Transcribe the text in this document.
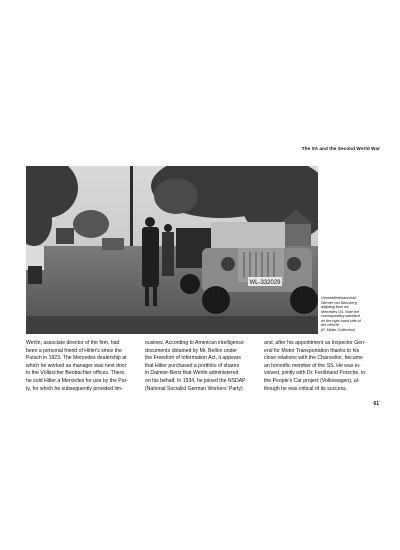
The SA and the Second World War
WL-332029
Generalfeldmarschall
Werner von Blomberg
alighting from his
Mercedes G4. Note the
corresponding standard
on the right-hand side of
the vehicle.
(K. Müller Collection)
Werlin, associate director of the firm, had
been a personal friend of Hitler's since the
Putsch in 1923. The Mercedes dealership at
which he worked as manager was next door
to the Völkischer Beobachter offices. There,
he sold Hitler a Mercedes for use by the Par-
ty, for which he subsequently provided lim-
ousines. According to American intelligence
documents obtained by Mr. Bellon under
the Freedom of Information Act, it appears
that Hitler purchased a portfolio of shares
in Daimler-Benz that Werlin administered
on his behalf. In 1934, he joined the NSDAP
(National Socialist German Workers' Party)
and, after his appointment as Inspector Gen-
eral for Motor Transportation thanks to his
close relations with the Chancellor, became
an honorific member of the SS. He was in-
volved, jointly with Dr. Ferdinand Porsche, in
the People's Car project (Volkswagen), al-
though he was critical of its success.
61
